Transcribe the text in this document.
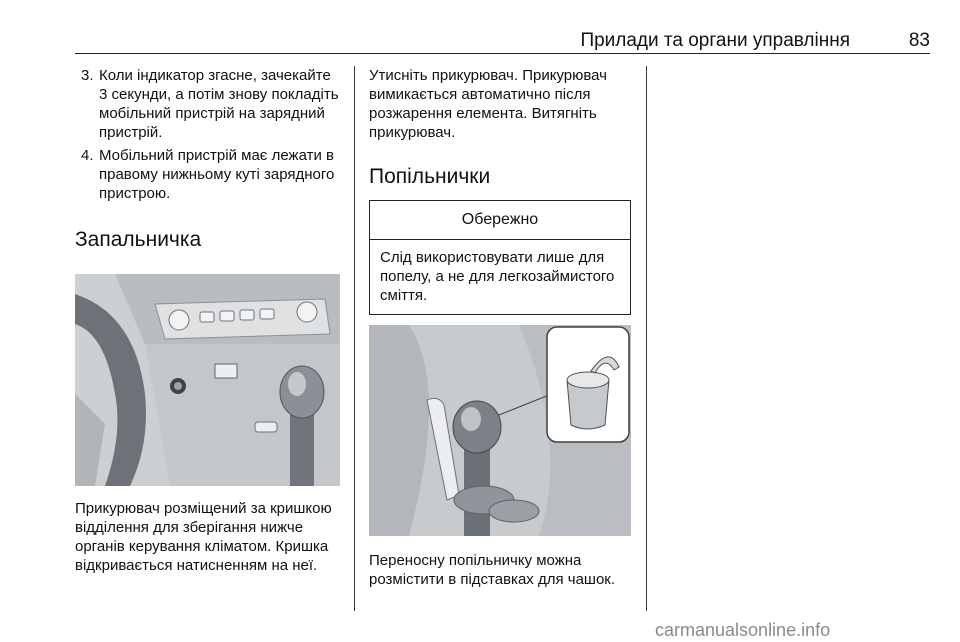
Прилади та органи управління	83
3. Коли індикатор згасне, зачекайте 3 секунди, а потім знову покладіть мобільний пристрій на зарядний пристрій.
4. Мобільний пристрій має лежати в правому нижньому куті зарядного пристрою.
Запальничка

Прикурювач розміщений за кришкою відділення для зберігання нижче органів керування кліматом. Кришка відкривається натисненням на неї.

Утисніть прикурювач. Прикурювач вимикається автоматично після розжарення елемента. Витягніть прикурювач.

Попільнички
Обережно
Слід використовувати лише для попелу, а не для легкозаймистого сміття.

Переносну попільничку можна розмістити в підставках для чашок.

carmanualsonline.info
